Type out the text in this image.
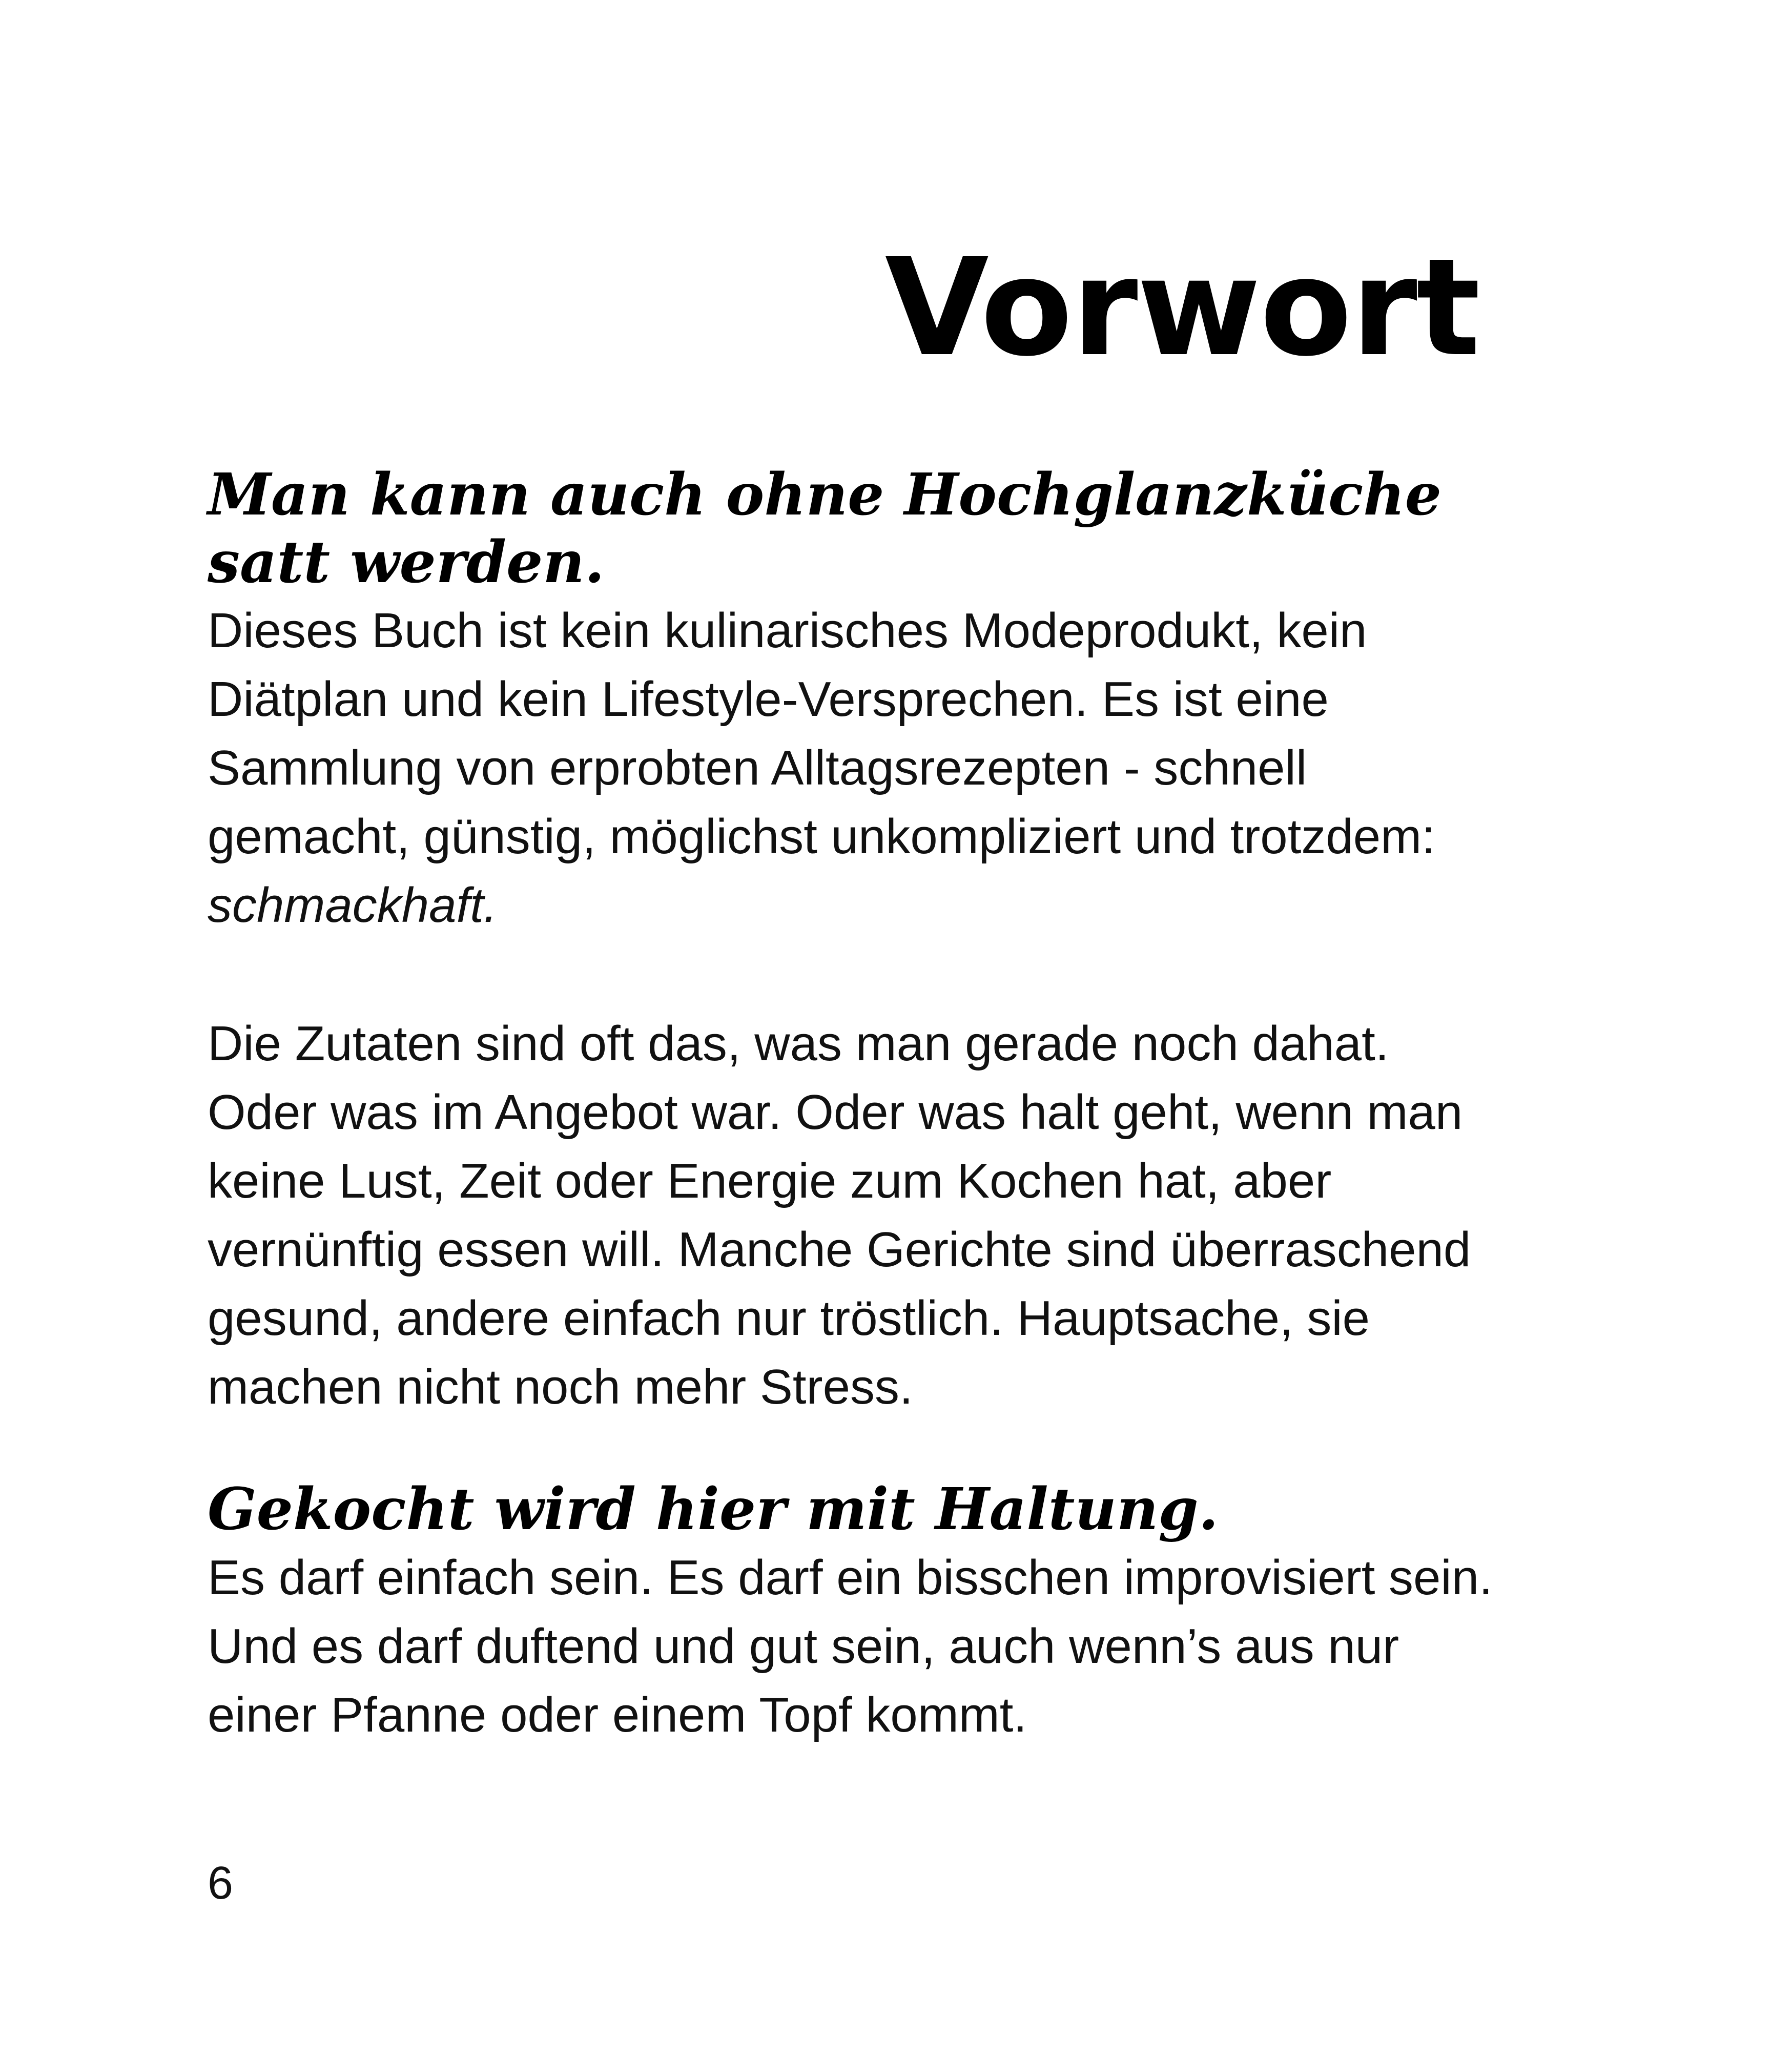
Vorwort
Man kann auch ohne Hochglanzküche satt werden.

Dieses Buch ist kein kulinarisches Modeprodukt, kein Diätplan und kein Lifestyle-Versprechen. Es ist eine Sammlung von erprobten Alltagsrezepten - schnell gemacht, günstig, möglichst unkompliziert und trotzdem:
schmackhaft.

Die Zutaten sind oft das, was man gerade noch dahat. Oder was im Angebot war. Oder was halt geht, wenn man keine Lust, Zeit oder Energie zum Kochen hat, aber vernünftig essen will. Manche Gerichte sind überraschend gesund, andere einfach nur tröstlich. Hauptsache, sie machen nicht noch mehr Stress.

Gekocht wird hier mit Haltung.

Es darf einfach sein. Es darf ein bisschen improvisiert sein. Und es darf duftend und gut sein, auch wenn’s aus nur einer Pfanne oder einem Topf kommt.

6
